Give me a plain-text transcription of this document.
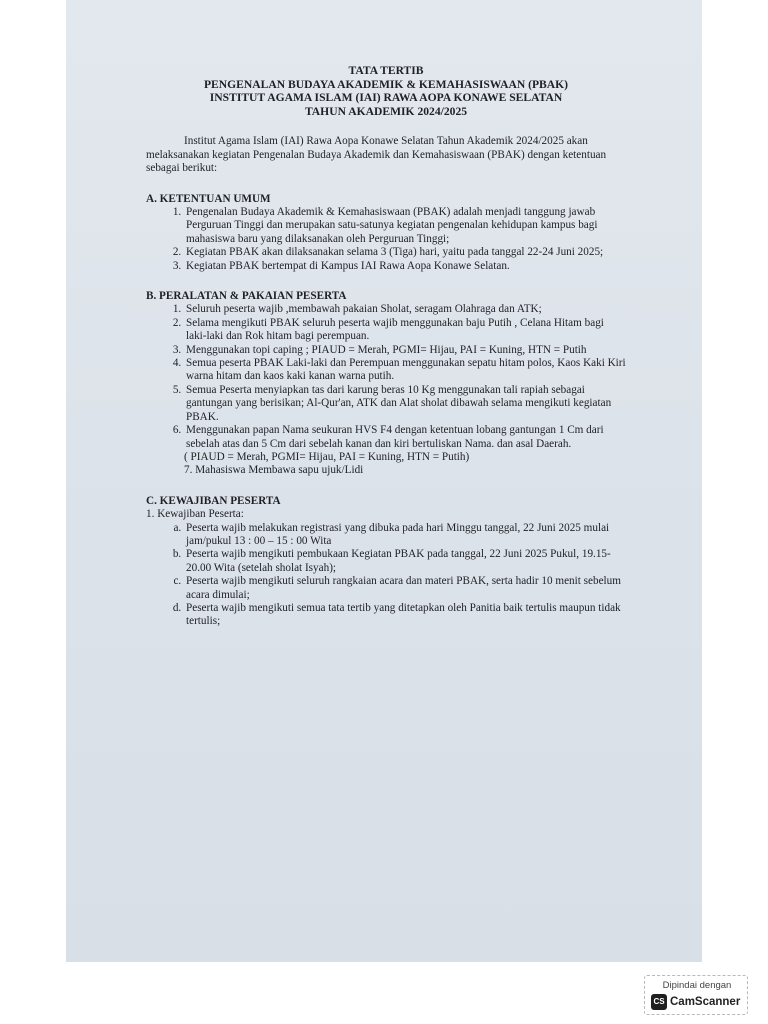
TATA TERTIB
PENGENALAN BUDAYA AKADEMIK & KEMAHASISWAAN (PBAK)
INSTITUT AGAMA ISLAM (IAI) RAWA AOPA KONAWE SELATAN
TAHUN AKADEMIK 2024/2025
Institut Agama Islam (IAI) Rawa Aopa Konawe Selatan Tahun Akademik 2024/2025 akan melaksanakan kegiatan Pengenalan Budaya Akademik dan Kemahasiswaan (PBAK) dengan ketentuan sebagai berikut:
A. KETENTUAN UMUM
1. Pengenalan Budaya Akademik & Kemahasiswaan (PBAK) adalah menjadi tanggung jawab Perguruan Tinggi dan merupakan satu-satunya kegiatan pengenalan kehidupan kampus bagi mahasiswa baru yang dilaksanakan oleh Perguruan Tinggi;
2. Kegiatan PBAK akan dilaksanakan selama 3 (Tiga) hari, yaitu pada tanggal 22-24 Juni 2025;
3. Kegiatan PBAK bertempat di Kampus IAI Rawa Aopa Konawe Selatan.
B. PERALATAN & PAKAIAN PESERTA
1. Seluruh peserta wajib ,membawah pakaian Sholat, seragam Olahraga dan ATK;
2. Selama mengikuti PBAK seluruh peserta wajib menggunakan baju Putih , Celana Hitam bagi laki-laki dan Rok hitam bagi perempuan.
3. Menggunakan topi caping ; PIAUD = Merah, PGMI= Hijau, PAI = Kuning, HTN = Putih
4. Semua peserta PBAK Laki-laki dan Perempuan menggunakan sepatu hitam polos, Kaos Kaki Kiri warna hitam dan kaos kaki kanan warna putih.
5. Semua Peserta menyiapkan tas dari karung beras 10 Kg menggunakan tali rapiah sebagai gantungan yang berisikan; Al-Qur'an, ATK dan Alat sholat dibawah selama mengikuti kegiatan PBAK.
6. Menggunakan papan Nama seukuran HVS F4 dengan ketentuan lobang gantungan 1 Cm dari sebelah atas dan 5 Cm dari sebelah kanan dan kiri bertuliskan Nama. dan asal Daerah.
( PIAUD = Merah, PGMI= Hijau, PAI = Kuning, HTN = Putih)
7. Mahasiswa Membawa sapu ujuk/Lidi
C. KEWAJIBAN PESERTA
1. Kewajiban Peserta:
a. Peserta wajib melakukan registrasi yang dibuka pada hari Minggu tanggal, 22 Juni 2025 mulai jam/pukul 13 : 00 – 15 : 00 Wita
b. Peserta wajib mengikuti pembukaan Kegiatan PBAK pada tanggal, 22 Juni 2025 Pukul, 19.15-20.00 Wita (setelah sholat Isyah);
c. Peserta wajib mengikuti seluruh rangkaian acara dan materi PBAK, serta hadir 10 menit sebelum acara dimulai;
d. Peserta wajib mengikuti semua tata tertib yang ditetapkan oleh Panitia baik tertulis maupun tidak tertulis;
Dipindai dengan
CS CamScanner
